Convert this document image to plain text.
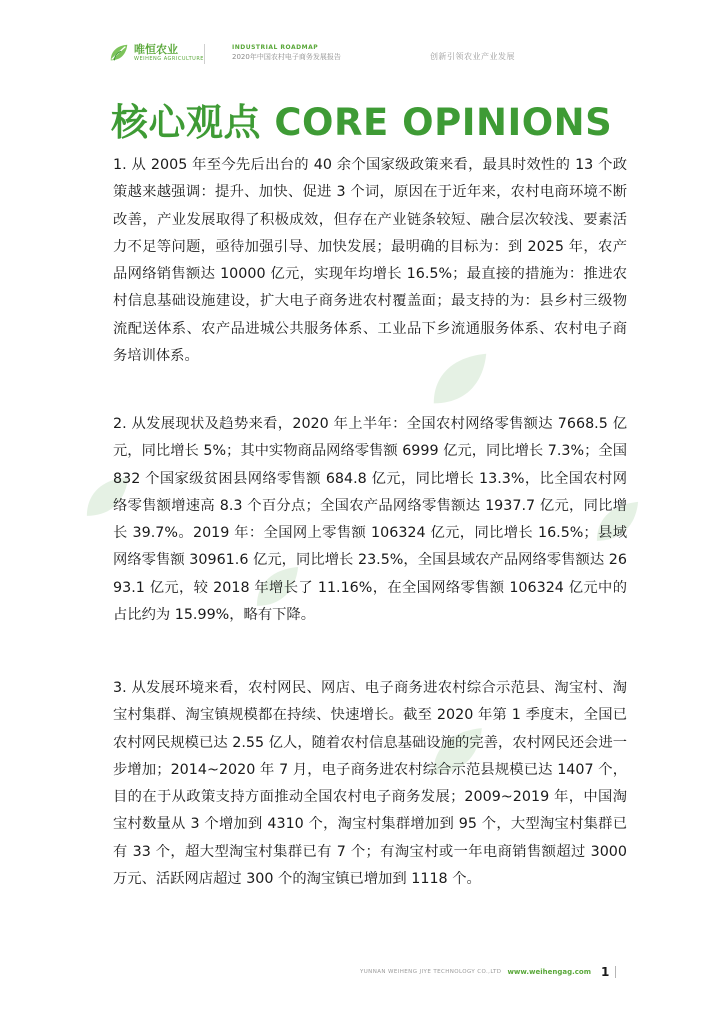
唯恒农业
WEIHENG AGRICULTURE
INDUSTRIAL ROADMAP
2020年中国农村电子商务发展报告	创新引领农业产业发展
核心观点 CORE OPINIONS

1. 从 2005 年至今先后出台的 40 余个国家级政策来看，最具时效性的 13 个政策越来越强调：提升、加快、促进 3 个词，原因在于近年来，农村电商环境不断改善，产业发展取得了积极成效，但存在产业链条较短、融合层次较浅、要素活力不足等问题，亟待加强引导、加快发展；最明确的目标为：到 2025 年，农产品网络销售额达 10000 亿元，实现年均增长 16.5%；最直接的措施为：推进农村信息基础设施建设，扩大电子商务进农村覆盖面；最支持的为：县乡村三级物流配送体系、农产品进城公共服务体系、工业品下乡流通服务体系、农村电子商务培训体系。

2. 从发展现状及趋势来看，2020 年上半年：全国农村网络零售额达 7668.5 亿元，同比增长 5%；其中实物商品网络零售额 6999 亿元，同比增长 7.3%；全国 832 个国家级贫困县网络零售额 684.8 亿元，同比增长 13.3%，比全国农村网络零售额增速高 8.3 个百分点；全国农产品网络零售额达 1937.7 亿元，同比增长 39.7%。2019 年：全国网上零售额 106324 亿元，同比增长 16.5%；县域网络零售额 30961.6 亿元，同比增长 23.5%，全国县域农产品网络零售额达 2693.1 亿元，较 2018 年增长了 11.16%，在全国网络零售额 106324 亿元中的占比约为 15.99%，略有下降。

3. 从发展环境来看，农村网民、网店、电子商务进农村综合示范县、淘宝村、淘宝村集群、淘宝镇规模都在持续、快速增长。截至 2020 年第 1 季度末，全国已农村网民规模已达 2.55 亿人，随着农村信息基础设施的完善，农村网民还会进一步增加；2014~2020 年 7 月，电子商务进农村综合示范县规模已达 1407 个，目的在于从政策支持方面推动全国农村电子商务发展；2009~2019 年，中国淘宝村数量从 3 个增加到 4310 个，淘宝村集群增加到 95 个，大型淘宝村集群已有 33 个，超大型淘宝村集群已有 7 个；有淘宝村或一年电商销售额超过 3000 万元、活跃网店超过 300 个的淘宝镇已增加到 1118 个。

YUNNAN WEIHENG JIYE TECHNOLOGY CO.,LTD www.weihengag.com 1
